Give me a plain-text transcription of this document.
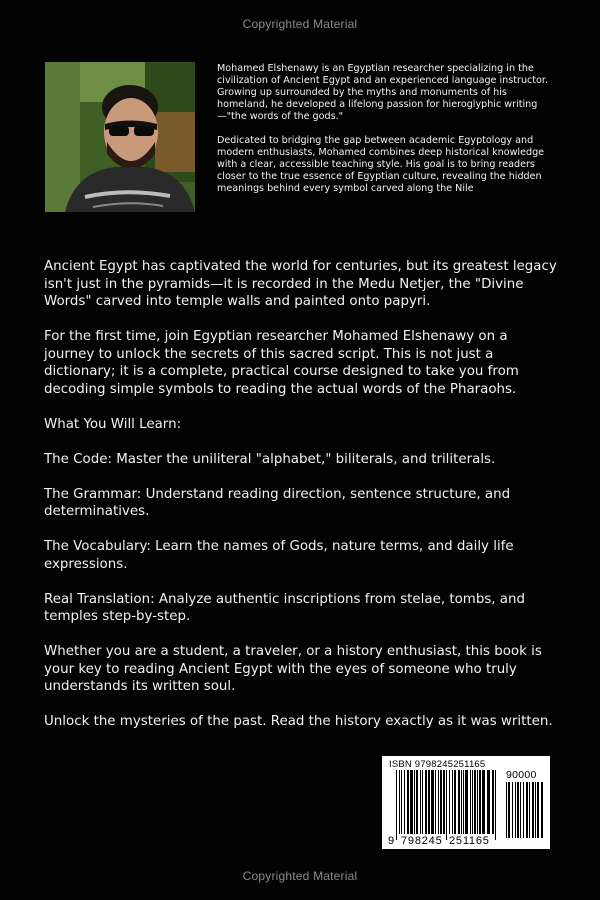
Copyrighted Material

Mohamed Elshenawy is an Egyptian researcher specializing in the civilization of Ancient Egypt and an experienced language instructor. Growing up surrounded by the myths and monuments of his homeland, he developed a lifelong passion for hieroglyphic writing—"the words of the gods."

Dedicated to bridging the gap between academic Egyptology and modern enthusiasts, Mohamed combines deep historical knowledge with a clear, accessible teaching style. His goal is to bring readers closer to the true essence of Egyptian culture, revealing the hidden meanings behind every symbol carved along the Nile

Ancient Egypt has captivated the world for centuries, but its greatest legacy isn't just in the pyramids—it is recorded in the Medu Netjer, the "Divine Words" carved into temple walls and painted onto papyri.

For the first time, join Egyptian researcher Mohamed Elshenawy on a journey to unlock the secrets of this sacred script. This is not just a dictionary; it is a complete, practical course designed to take you from decoding simple symbols to reading the actual words of the Pharaohs.

What You Will Learn:

The Code: Master the uniliteral "alphabet," biliterals, and triliterals.

The Grammar: Understand reading direction, sentence structure, and determinatives.

The Vocabulary: Learn the names of Gods, nature terms, and daily life expressions.

Real Translation: Analyze authentic inscriptions from stelae, tombs, and temples step-by-step.

Whether you are a student, a traveler, or a history enthusiast, this book is your key to reading Ancient Egypt with the eyes of someone who truly understands its written soul.

Unlock the mysteries of the past. Read the history exactly as it was written.

ISBN 9798245251165
90000
9 798245 251165
Copyrighted Material
